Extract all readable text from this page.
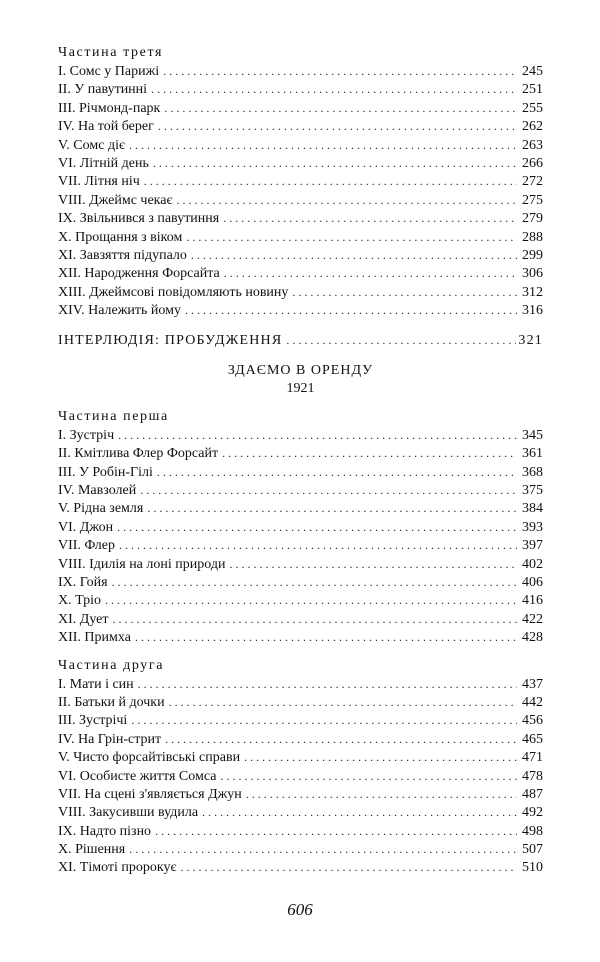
Частина третя
I. Сомс у Парижі . . .	245
II. У павутинні . . .	251
III. Річмонд-парк . . .	255
IV. На той берег . . .	262
V. Сомс діє . . .	263
VI. Літній день . . .	266
VII. Літня ніч . . .	272
VIII. Джеймс чекає . . .	275
IX. Звільнився з павутиння . . .	279
X. Прощання з віком . . .	288
XI. Завзяття підупало . . .	299
XII. Народження Форсайта . . .	306
XIII. Джеймсові повідомляють новину . . .	312
XIV. Належить йому . . .	316
ІНТЕРЛЮДІЯ: ПРОБУДЖЕННЯ . . .	321
ЗДАЄМО В ОРЕНДУ
1921
Частина перша
I. Зустріч . . .	345
II. Кмітлива Флер Форсайт . . .	361
III. У Робін-Гілі . . .	368
IV. Мавзолей . . .	375
V. Рідна земля . . .	384
VI. Джон . . .	393
VII. Флер . . .	397
VIII. Ідилія на лоні природи . . .	402
IX. Гойя . . .	406
X. Тріо . . .	416
XI. Дует . . .	422
XII. Примха . . .	428
Частина друга
I. Мати і син . . .	437
II. Батьки й дочки . . .	442
III. Зустрічі . . .	456
IV. На Грін-стрит . . .	465
V. Чисто форсайтівські справи . . .	471
VI. Особисте життя Сомса . . .	478
VII. На сцені з'являється Джун . . .	487
VIII. Закусивши вудила . . .	492
IX. Надто пізно . . .	498
X. Рішення . . .	507
XI. Тімоті пророкує . . .	510
606
